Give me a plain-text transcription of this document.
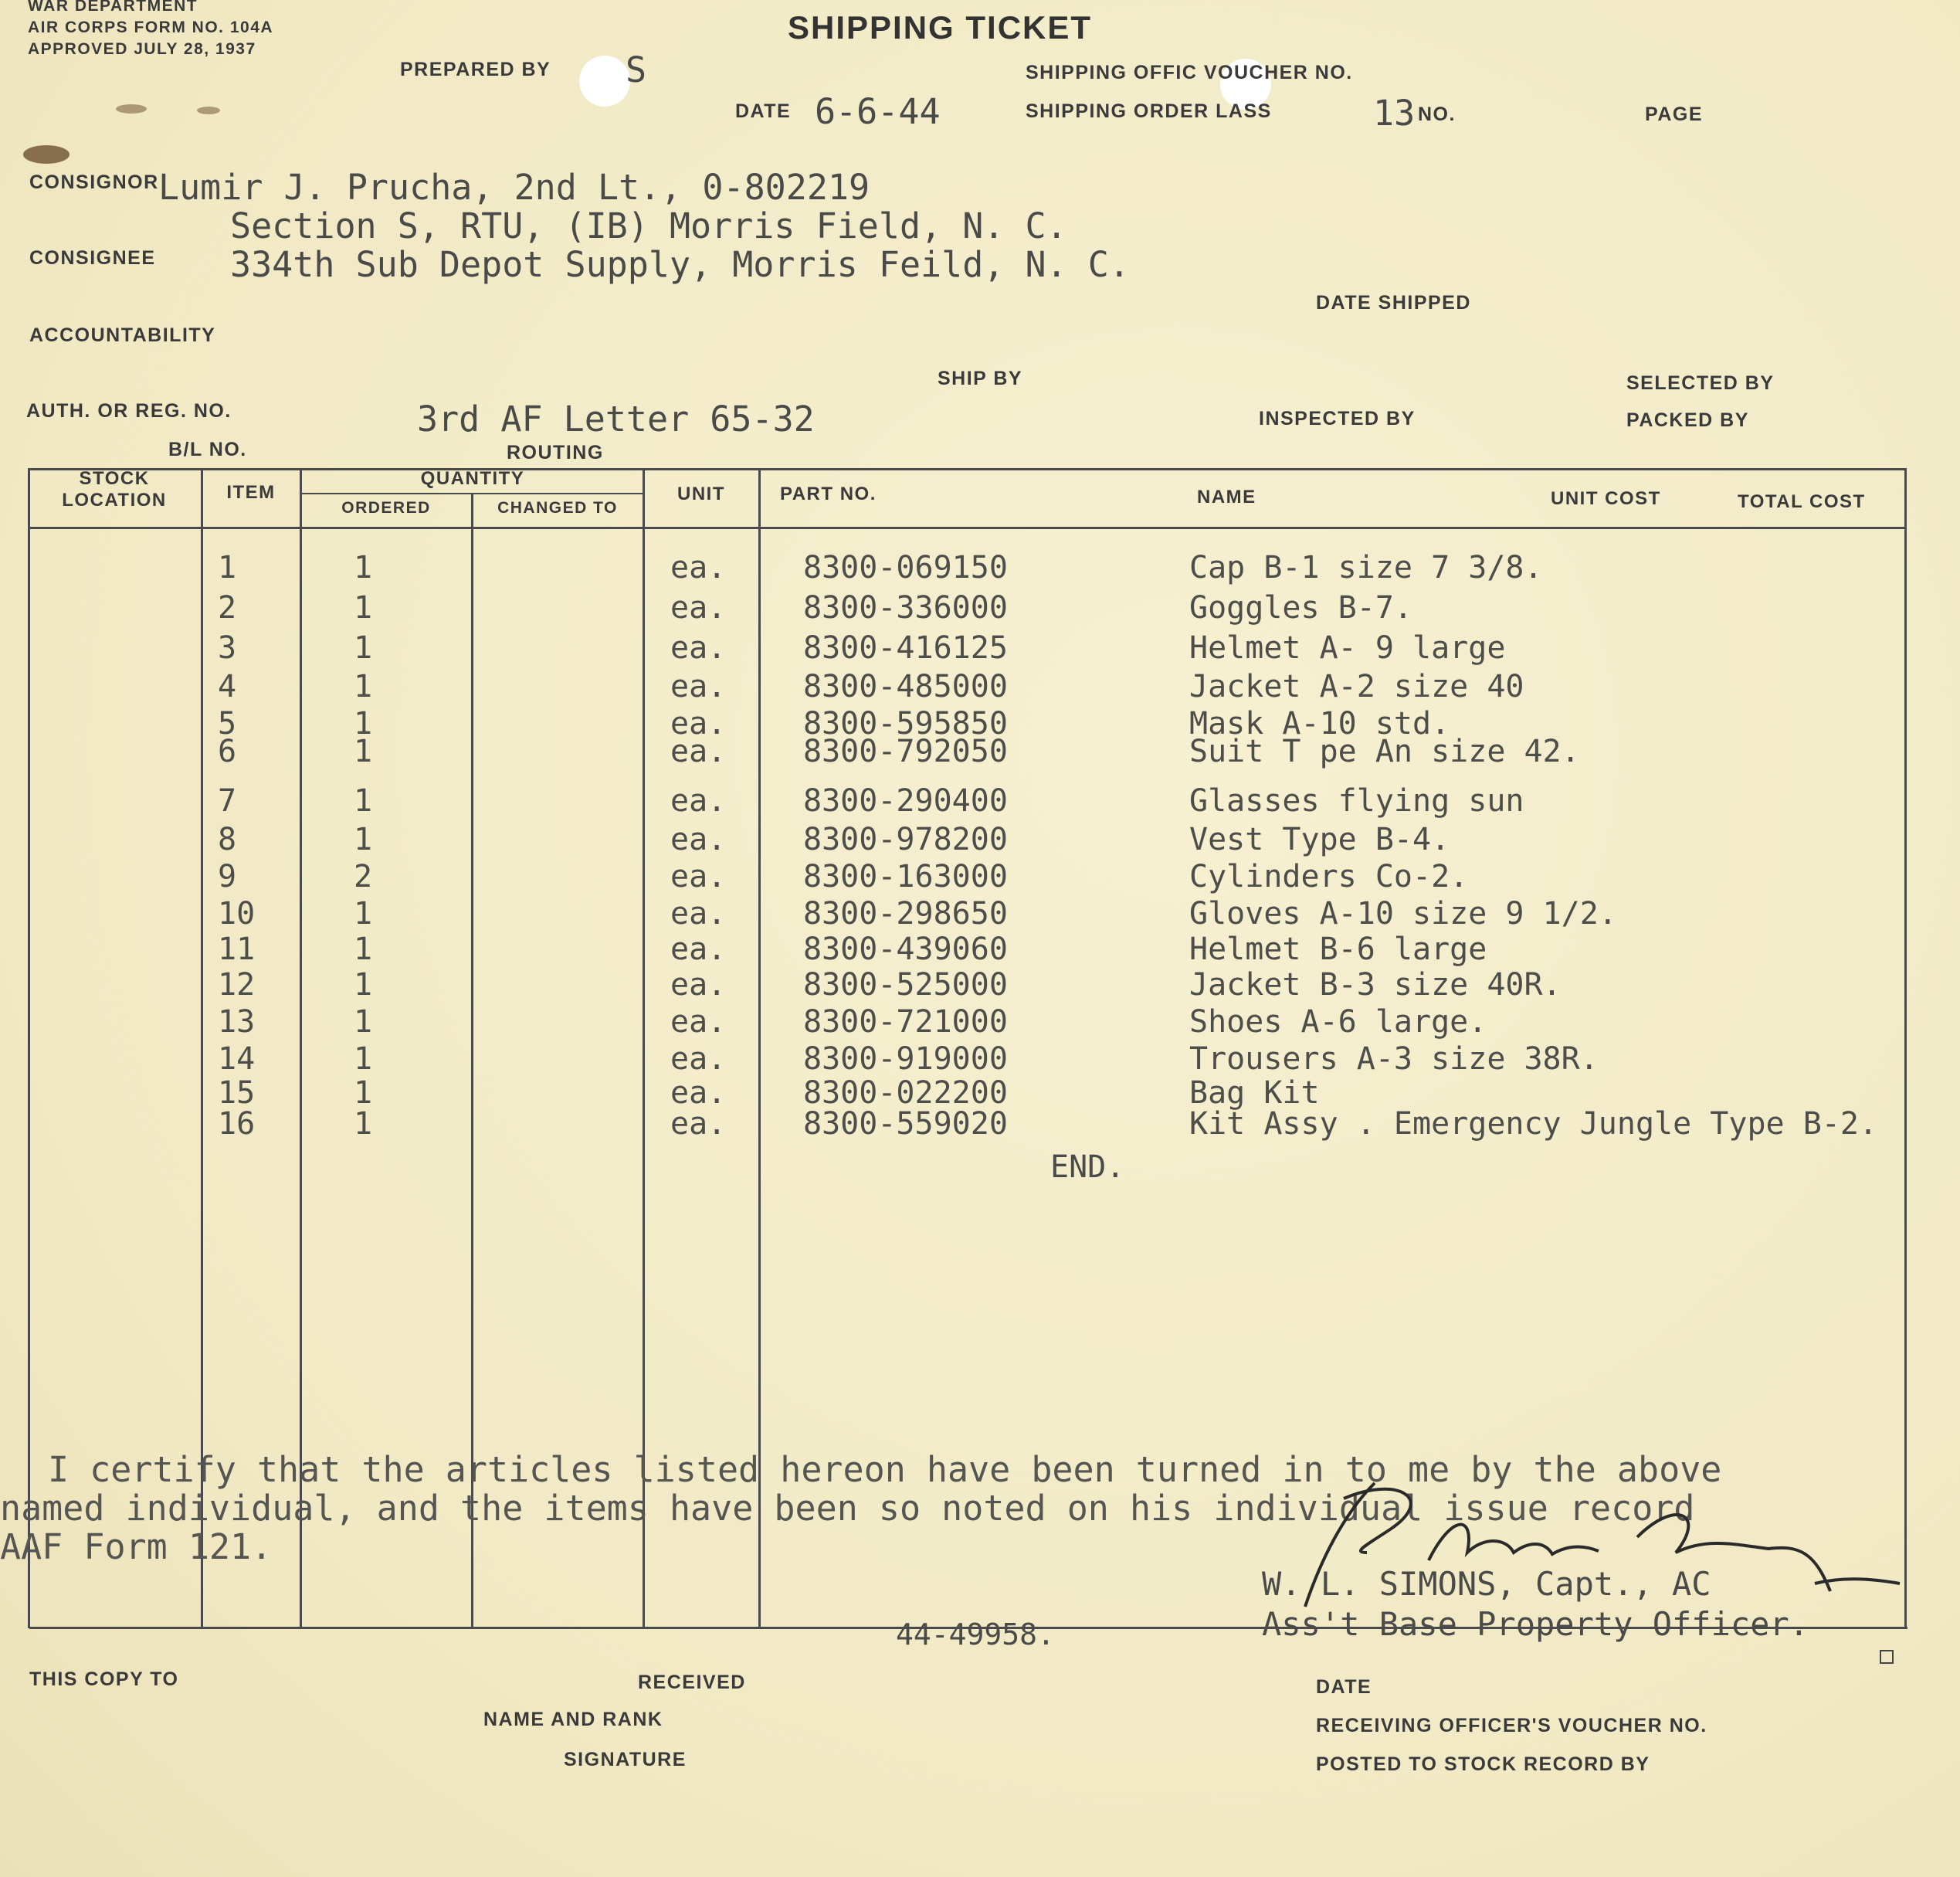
WAR DEPARTMENT
AIR CORPS FORM NO. 104A
APPROVED JULY 28, 1937
SHIPPING TICKET
PREPARED BY S	SHIPPING OFFIC VOUCHER NO.
DATE 6-6-44	SHIPPING ORDER LASS	13 NO.	PAGE
CONSIGNOR Lumir J. Prucha, 2nd Lt., 0-802219
Section S, RTU, (IB) Morris Field, N. C.
CONSIGNEE 334th Sub Depot Supply, Morris Feild, N. C.
DATE SHIPPED
ACCOUNTABILITY
SHIP BY	SELECTED BY
AUTH. OR REG. NO.	3rd AF Letter 65-32	INSPECTED BY	PACKED BY
B/L NO.	ROUTING
STOCK
LOCATION	ITEM
QUANTITY
ORDERED	CHANGED TO
UNIT	PART NO.	NAME	UNIT COST	TOTAL COST
1	1	ea. 8300-069150	Cap B-1 size 7 3/8.
2	1	ea. 8300-336000	Goggles B-7.
3	1	ea. 8300-416125	Helmet A- 9 large
4	1	ea. 8300-485000	Jacket A-2 size 40
5	1	ea. 8300-595850	Mask A-10 std.
6	1	ea. 8300-792050	Suit T pe An size 42.
7	1	ea. 8300-290400	Glasses flying sun
8	1	ea. 8300-978200	Vest Type B-4.
9	2	ea. 8300-163000	Cylinders Co-2.
10	1	ea. 8300-298650	Gloves A-10 size 9 1/2.
11	1	ea. 8300-439060	Helmet B-6 large
12	1	ea. 8300-525000	Jacket B-3 size 40R.
13	1	ea. 8300-721000	Shoes A-6 large.
14	1	ea. 8300-919000	Trousers A-3 size 38R.
15	1	ea. 8300-022200	Bag Kit
16	1	ea. 8300-559020	Kit Assy . Emergency Jungle Type B-2.
END.
I certify that the articles listed hereon have been turned in to me by the above
named individual, and the items have been so noted on his individual issue record
AAF Form 121.
W. L. SIMONS, Capt., AC
Ass't Base Property Officer.
44-49958.
THIS COPY TO	RECEIVED
NAME AND RANK
SIGNATURE
DATE
RECEIVING OFFICER'S VOUCHER NO.
POSTED TO STOCK RECORD BY
